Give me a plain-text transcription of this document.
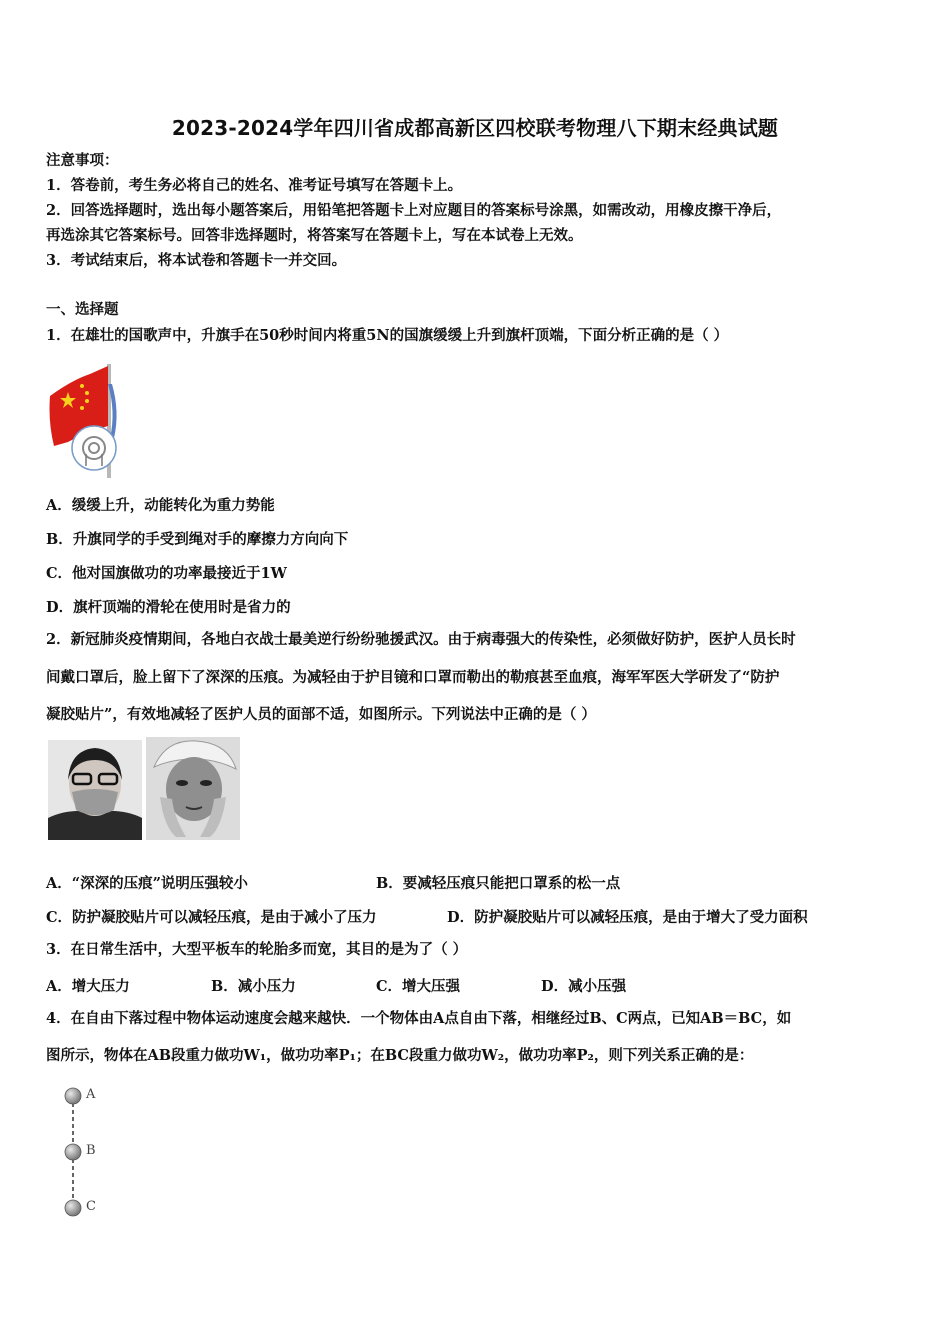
2023-2024学年四川省成都高新区四校联考物理八下期末经典试题
注意事项：
1．答卷前，考生务必将自己的姓名、准考证号填写在答题卡上。
2．回答选择题时，选出每小题答案后，用铅笔把答题卡上对应题目的答案标号涂黑，如需改动，用橡皮擦干净后，
再选涂其它答案标号。回答非选择题时，将答案写在答题卡上，写在本试卷上无效。
3．考试结束后，将本试卷和答题卡一并交回。
一、选择题
1．在雄壮的国歌声中，升旗手在50秒时间内将重5N的国旗缓缓上升到旗杆顶端，下面分析正确的是（ ）
A．缓缓上升，动能转化为重力势能
B．升旗同学的手受到绳对手的摩擦力方向向下
C．他对国旗做功的功率最接近于1W
D．旗杆顶端的滑轮在使用时是省力的
2．新冠肺炎疫情期间，各地白衣战士最美逆行纷纷驰援武汉。由于病毒强大的传染性，必须做好防护，医护人员长时
间戴口罩后，脸上留下了深深的压痕。为减轻由于护目镜和口罩而勒出的勒痕甚至血痕，海军军医大学研发了“防护
凝胶贴片”，有效地减轻了医护人员的面部不适，如图所示。下列说法中正确的是（ ）
A．“深深的压痕”说明压强较小	B．要减轻压痕只能把口罩系的松一点
C．防护凝胶贴片可以减轻压痕，是由于减小了压力	D．防护凝胶贴片可以减轻压痕，是由于增大了受力面积
3．在日常生活中，大型平板车的轮胎多而宽，其目的是为了（ ）
A．增大压力	B．减小压力	C．增大压强	D．减小压强
4．在自由下落过程中物体运动速度会越来越快．一个物体由A点自由下落，相继经过B、C两点，已知AB＝BC，如
图所示，物体在AB段重力做功W₁，做功功率P₁；在BC段重力做功W₂，做功功率P₂，则下列关系正确的是：
A
B
C
